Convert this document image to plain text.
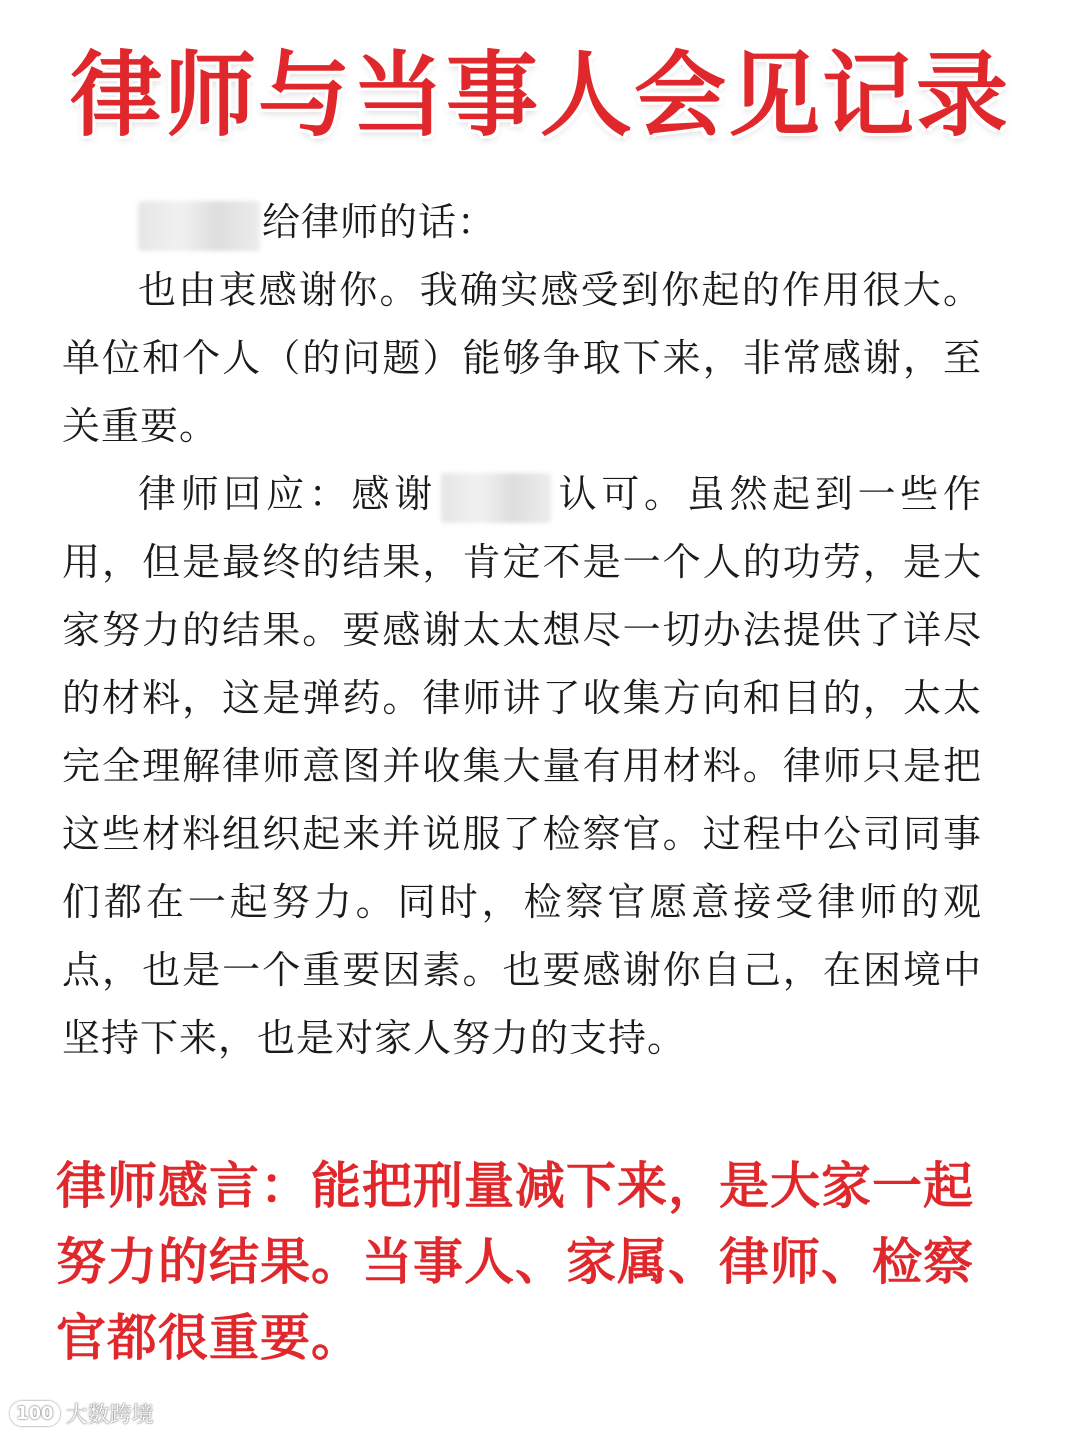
律师与当事人会见记录

给律师的话：

也由衷感谢你。我确实感受到你起的作用很大。单位和个人（的问题）能够争取下来，非常感谢，至关重要。

律师回应：感谢	认可。虽然起到一些作用，但是最终的结果，肯定不是一个人的功劳，是大家努力的结果。要感谢太太想尽一切办法提供了详尽的材料，这是弹药。律师讲了收集方向和目的，太太完全理解律师意图并收集大量有用材料。律师只是把这些材料组织起来并说服了检察官。过程中公司同事们都在一起努力。同时，检察官愿意接受律师的观点，也是一个重要因素。也要感谢你自己，在困境中坚持下来，也是对家人努力的支持。

律师感言：能把刑量减下来，是大家一起努力的结果。当事人、家属、律师、检察官都很重要。
100 大数跨境
